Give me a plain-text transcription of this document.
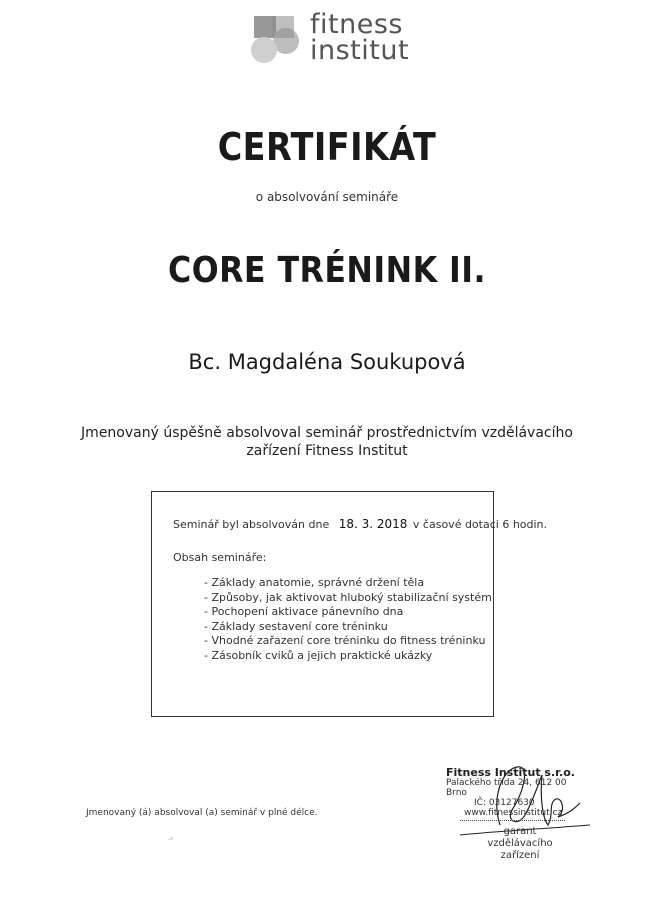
fitness
institut
CERTIFIKÁT
o absolvování semináře
CORE TRÉNINK II.
Bc. Magdaléna Soukupová
Jmenovaný úspěšně absolvoval seminář prostřednictvím vzdělávacího zařízení Fitness Institut
Seminář byl absolvován dne 18. 3. 2018 v časové dotaci 6 hodin.
Obsah semináře:
- Základy anatomie, správné držení těla
- Způsoby, jak aktivovat hluboký stabilizační systém
- Pochopení aktivace pánevního dna
- Základy sestavení core tréninku
- Vhodné zařazení core tréninku do fitness tréninku
- Zásobník cviků a jejich praktické ukázky
Jmenovaný (á) absolvoval (a) seminář v plné délce.
·²
Fitness Institut s.r.o.
Palackého třída 24, 612 00 Brno
IČ: 03127630
www.fitnessinstitut.cz
garant vzdělávacího zařízení
